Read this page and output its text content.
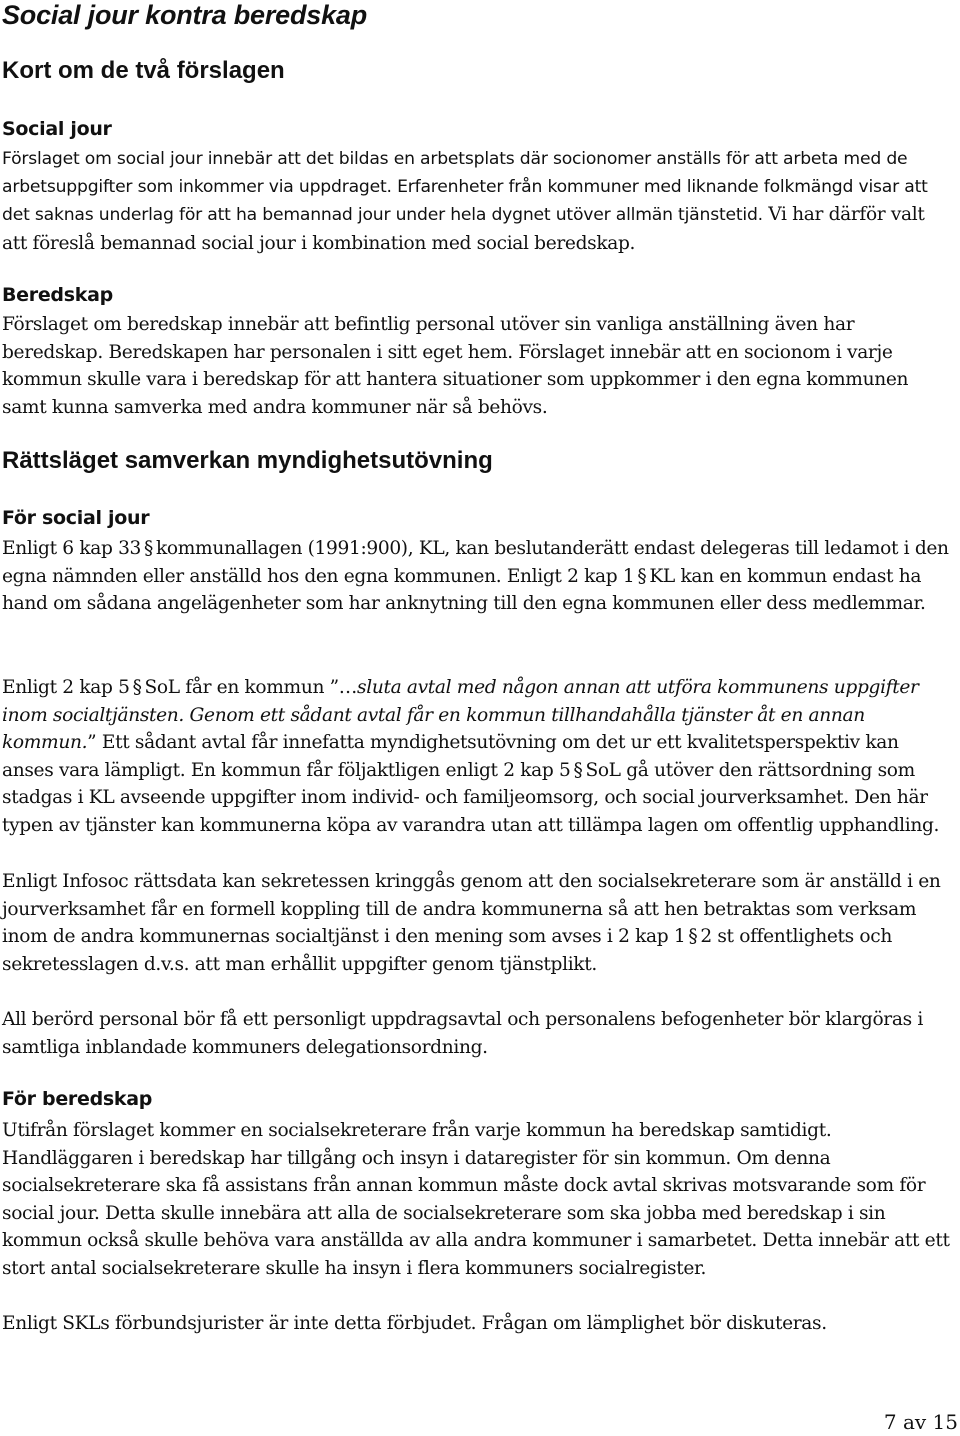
Social jour kontra beredskap
Kort om de två förslagen
Social jour

Förslaget om social jour innebär att det bildas en arbetsplats där socionomer anställs för att arbeta med de arbetsuppgifter som inkommer via uppdraget. Erfarenheter från kommuner med liknande folkmängd visar att det saknas underlag för att ha bemannad jour under hela dygnet utöver allmän tjänstetid. Vi har därför valt att föreslå bemannad social jour i kombination med social beredskap.

Beredskap

Förslaget om beredskap innebär att befintlig personal utöver sin vanliga anställning även har beredskap. Beredskapen har personalen i sitt eget hem. Förslaget innebär att en socionom i varje kommun skulle vara i beredskap för att hantera situationer som uppkommer i den egna kommunen samt kunna samverka med andra kommuner när så behövs.

Rättsläget samverkan myndighetsutövning
För social jour

Enligt 6 kap 33 § kommunallagen (1991:900), KL, kan beslutanderätt endast delegeras till ledamot i den egna nämnden eller anställd hos den egna kommunen. Enligt 2 kap 1 § KL kan en kommun endast ha hand om sådana angelägenheter som har anknytning till den egna kommunen eller dess medlemmar.

Enligt 2 kap 5 § SoL får en kommun ”…sluta avtal med någon annan att utföra kommunens uppgifter inom socialtjänsten. Genom ett sådant avtal får en kommun tillhandahålla tjänster åt en annan kommun.” Ett sådant avtal får innefatta myndighetsutövning om det ur ett kvalitetsperspektiv kan anses vara lämpligt. En kommun får följaktligen enligt 2 kap 5 § SoL gå utöver den rättsordning som stadgas i KL avseende uppgifter inom individ- och familjeomsorg, och social jourverksamhet. Den här typen av tjänster kan kommunerna köpa av varandra utan att tillämpa lagen om offentlig upphandling.

Enligt Infosoc rättsdata kan sekretessen kringgås genom att den socialsekreterare som är anställd i en jourverksamhet får en formell koppling till de andra kommunerna så att hen betraktas som verksam inom de andra kommunernas socialtjänst i den mening som avses i 2 kap 1 § 2 st offentlighets och sekretesslagen d.v.s. att man erhållit uppgifter genom tjänstplikt.

All berörd personal bör få ett personligt uppdragsavtal och personalens befogenheter bör klargöras i samtliga inblandade kommuners delegationsordning.

För beredskap

Utifrån förslaget kommer en socialsekreterare från varje kommun ha beredskap samtidigt. Handläggaren i beredskap har tillgång och insyn i dataregister för sin kommun. Om denna socialsekreterare ska få assistans från annan kommun måste dock avtal skrivas motsvarande som för social jour. Detta skulle innebära att alla de socialsekreterare som ska jobba med beredskap i sin kommun också skulle behöva vara anställda av alla andra kommuner i samarbetet. Detta innebär att ett stort antal socialsekreterare skulle ha insyn i flera kommuners socialregister.

Enligt SKLs förbundsjurister är inte detta förbjudet. Frågan om lämplighet bör diskuteras.

7 av 15
